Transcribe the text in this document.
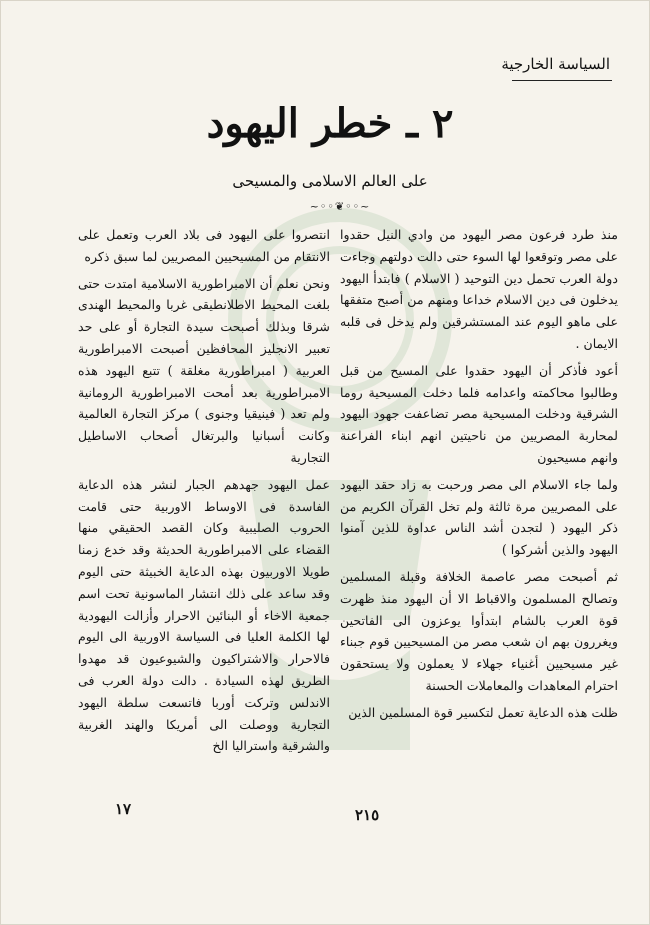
السياسة الخارجية
٢ ـ خطر اليهود
على العالم الاسلامى والمسيحى
~◦◦❦◦◦~

منذ طرد فرعون مصر اليهود من وادي النيل حقدوا على مصر وتوقعوا لها السوء حتى دالت دولتهم وجاءت دولة العرب تحمل دين التوحيد ( الاسلام ) فابتدأ اليهود يدخلون فى دين الاسلام خداعا ومنهم من أصبح متفقها على ماهو اليوم عند المستشرقين ولم يدخل فى قلبه الايمان .

أعود فأذكر أن اليهود حقدوا على المسيح من قبل وطالبوا محاكمته واعدامه فلما دخلت المسيحية روما الشرقية ودخلت المسيحية مصر تضاعفت جهود اليهود لمحاربة المصريين من ناحيتين انهم ابناء الفراعنة وانهم مسيحيون

ولما جاء الاسلام الى مصر ورحبت به زاد حقد اليهود على المصريين مرة ثالثة ولم تخل القرآن الكريم من ذكر اليهود ( لتجدن أشد الناس عداوة للذين آمنوا اليهود والذين أشركوا )

ثم أصبحت مصر عاصمة الخلافة وقبلة المسلمين وتصالح المسلمون والاقباط الا أن اليهود منذ ظهرت قوة العرب بالشام ابتدأوا يوعزون الى الفاتحين ويغررون بهم ان شعب مصر من المسيحيين قوم جبناء غير مسيحيين أغنياء جهلاء لا يعملون ولا يستحقون احترام المعاهدات والمعاملات الحسنة

ظلت هذه الدعاية تعمل لتكسير قوة المسلمين الذين

انتصروا على اليهود فى بلاد العرب وتعمل على الانتقام من المسيحيين المصريين لما سبق ذكره

ونحن نعلم أن الامبراطورية الاسلامية امتدت حتى بلغت المحيط الاطلانطيقى غربا والمحيط الهندى شرقا وبذلك أصبحت سيدة التجارة أو على حد تعبير الانجليز المحافظين أصبحت الامبراطورية العربية ( امبراطورية مغلقة ) تتبع اليهود هذه الامبراطورية بعد أمحت الامبراطورية الرومانية ولم تعد ( فينيقيا وجنوى ) مركز التجارة العالمية وكانت أسبانيا والبرتغال أصحاب الاساطيل التجارية

عمل اليهود جهدهم الجبار لنشر هذه الدعاية الفاسدة فى الاوساط الاوربية حتى قامت الحروب الصليبية وكان القصد الحقيقي منها القضاء على الامبراطورية الحديثة وقد خدع زمنا طويلا الاوربيون بهذه الدعاية الخبيثة حتى اليوم وقد ساعد على ذلك انتشار الماسونية تحت اسم جمعية الاخاء أو البنائين الاحرار وأزالت اليهودية لها الكلمة العليا فى السياسة الاوربية الى اليوم فالاحرار والاشتراكيون والشيوعيون قد مهدوا الطريق لهذه السيادة . دالت دولة العرب فى الاندلس وتركت أوربا فاتسعت سلطة اليهود التجارية ووصلت الى أمريكا والهند الغربية والشرقية واستراليا الخ

١٧	٢١٥
